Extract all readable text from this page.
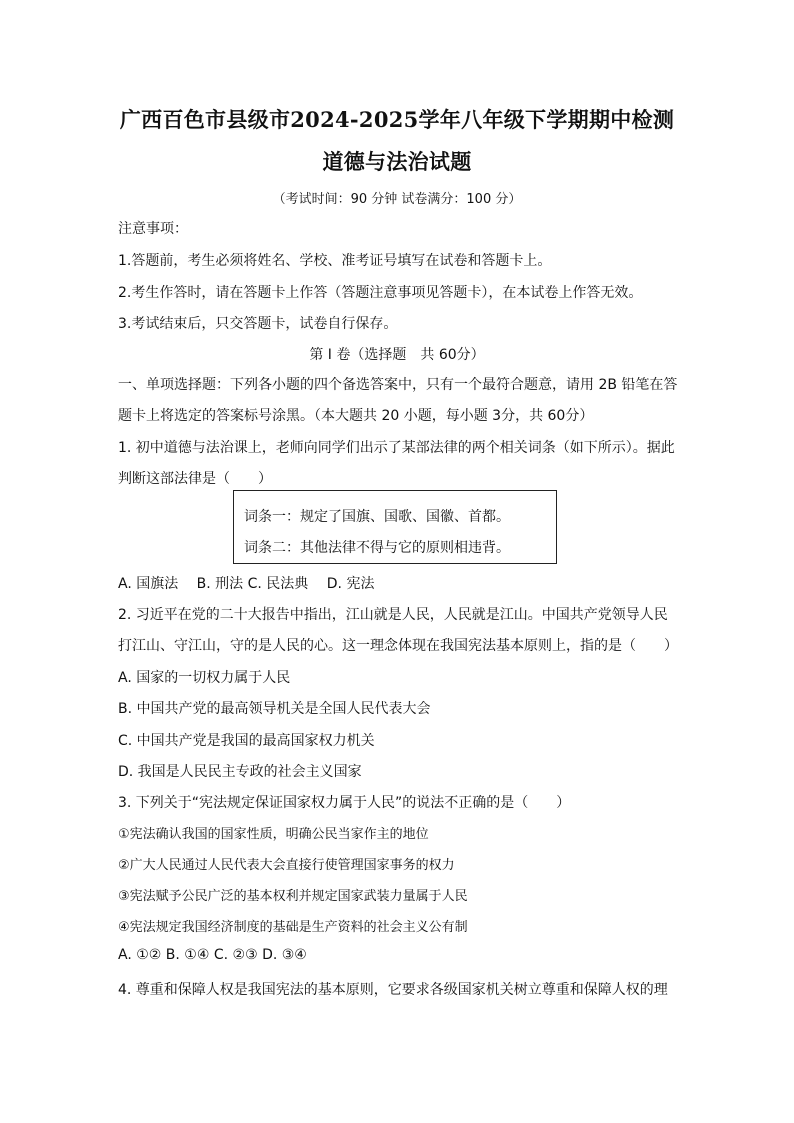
广西百色市县级市2024-2025学年八年级下学期期中检测
道德与法治试题
（考试时间：90 分钟 试卷满分：100 分）
注意事项：
1.答题前，考生必须将姓名、学校、准考证号填写在试卷和答题卡上。
2.考生作答时，请在答题卡上作答（答题注意事项见答题卡），在本试卷上作答无效。
3.考试结束后，只交答题卡，试卷自行保存。
第 I 卷（选择题　共 60分）
一、单项选择题：下列各小题的四个备选答案中，只有一个最符合题意，请用 2B 铅笔在答
题卡上将选定的答案标号涂黑。（本大题共 20 小题，每小题 3分，共 60分）
1. 初中道德与法治课上，老师向同学们出示了某部法律的两个相关词条（如下所示）。据此
判断这部法律是（　　）
词条一：规定了国旗、国歌、国徽、首都。
词条二：其他法律不得与它的原则相违背。
A. 国旗法　 B. 刑法 C. 民法典　 D. 宪法
2. 习近平在党的二十大报告中指出，江山就是人民，人民就是江山。中国共产党领导人民
打江山、守江山，守的是人民的心。这一理念体现在我国宪法基本原则上，指的是（　　）
A. 国家的一切权力属于人民
B. 中国共产党的最高领导机关是全国人民代表大会
C. 中国共产党是我国的最高国家权力机关
D. 我国是人民民主专政的社会主义国家
3. 下列关于“宪法规定保证国家权力属于人民”的说法不正确的是（　　）
①宪法确认我国的国家性质，明确公民当家作主的地位
②广大人民通过人民代表大会直接行使管理国家事务的权力
③宪法赋予公民广泛的基本权利并规定国家武装力量属于人民
④宪法规定我国经济制度的基础是生产资料的社会主义公有制
A. ①② B. ①④ C. ②③ D. ③④
4. 尊重和保障人权是我国宪法的基本原则，它要求各级国家机关树立尊重和保障人权的理
